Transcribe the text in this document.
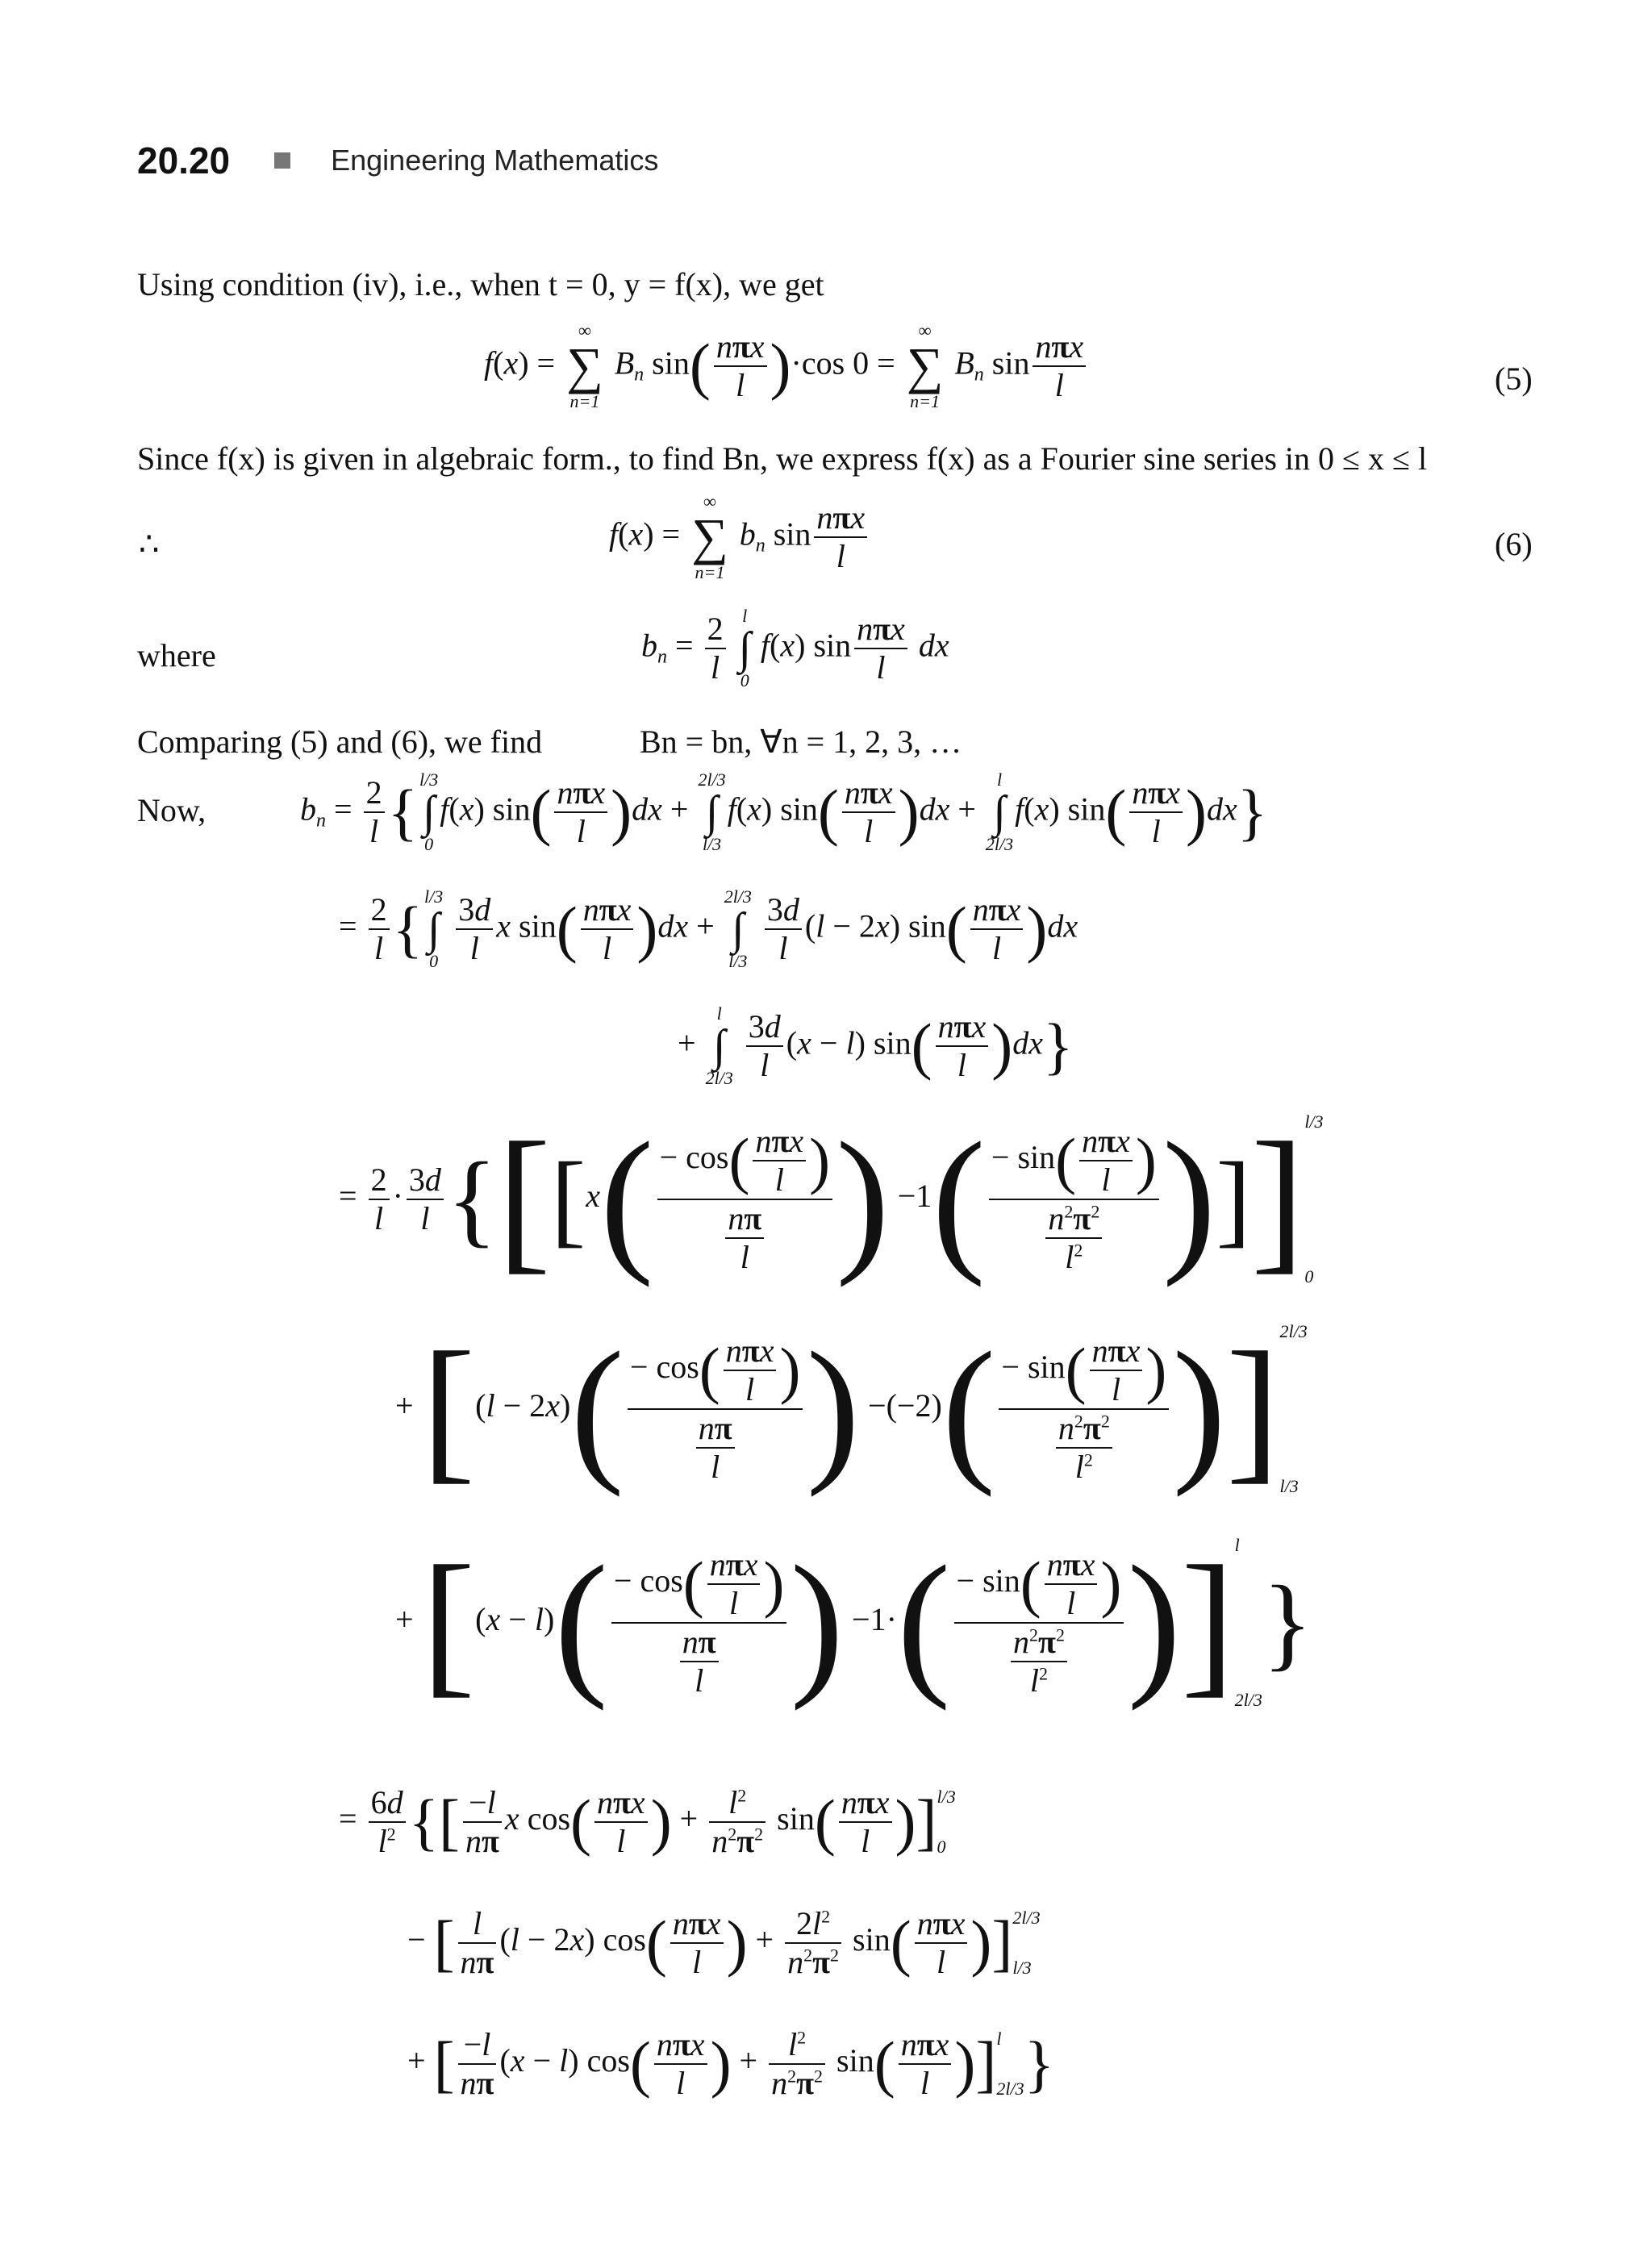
20.20	Engineering Mathematics
Using condition (iv), i.e., when t = 0, y = f(x), we get
f(x) =
∞
∑
n=1
$B_n$ $\sin( \frac{\text{nπx}}{l} )\cdot\cos$ 0 =
∞
∑
n=1
$B_n$ $\sin \frac{\text{nπx}}{l}$	(5)
Since f(x) is given in algebraic form., to find Bn, we express f(x) as a Fourier sine series in 0 ≤ x ≤ l
∴	f(x) =
∞
∑
n=1
$b_n$ $\sin \frac{\text{nπx}}{l}$	(6)
where	$b_n = \frac{2}{l}$
l
∫
0
f(x) $\sin \frac{\text{nπx}}{l}$ dx
Comparing (5) and (6), we find	Bn = bn, ∀n = 1, 2, 3, …
Now,	$b_n = \frac{2}{l}$ { l/3
∫
0
f(x) $\sin( \frac{\text{nπx}}{l} )dx$ +
2l/3
∫
l/3
f(x) $\sin( \frac{\text{nπx}}{l} )dx$ +
l
∫
2l/3
f(x) $\sin( \frac{\text{nπx}}{l} )dx$}
= $\frac{2}{l}$ { l/3
∫
0
$\frac{3d}{l}$ x $\sin( \frac{\text{nπx}}{l} )dx$ +
2l/3
∫
l/3
$\frac{3d}{l} (l - 2x)$ $\sin( \frac{\text{nπx}}{l} )dx$
+
l
∫
2l/3
$\frac{3d}{l} (x - l)$ $\sin( \frac{\text{nπx}}{l} )dx$}
= $\frac{2}{l} \cdot \frac{3d}{l} \{[[x( \frac{- \cos( \frac{\text{nπx}}{l} )}{\frac{n\pi}{l}}$ ) $-1( \frac{- \sin( \frac{\text{nπx}}{l} )}{\frac{n^2\pi^2}{l^2}}$ )]] l/3
0
+ [$(l - 2x)( \frac{- \cos( \frac{\text{nπx}}{l} )}{\frac{n\pi}{l}}$ ) $-(-2)( \frac{- \sin( \frac{\text{nπx}}{l} )}{\frac{n^2\pi^2}{l^2}}$ )] 2l/3
l/3
+ [$(x - l)( \frac{- \cos( \frac{\text{nπx}}{l} )}{\frac{n\pi}{l}}$ ) $-1\cdot( \frac{- \sin( \frac{\text{nπx}}{l} )}{\frac{n^2\pi^2}{l^2}}$ )] l
2l/3
}
= $\frac{6d}{l^2}$ {[ $\frac{-l}{n\pi}$ x $\cos( \frac{\text{nπx}}{l}$ ) + $\frac{l^2}{n^2\pi^2} \sin( \frac{\text{nπx}}{l}$ )] l/3
0
− [ $\frac{l}{n\pi} (l - 2x)$ $\cos( \frac{\text{nπx}}{l}$ ) + $\frac{2l^2}{n^2\pi^2} \sin( \frac{\text{nπx}}{l}$ )] 2l/3
l/3
+ [ $\frac{-l}{n\pi} (x - l)$ $\cos( \frac{\text{nπx}}{l}$ ) + $\frac{l^2}{n^2\pi^2} \sin( \frac{\text{nπx}}{l}$ )] l
2l/3 }
